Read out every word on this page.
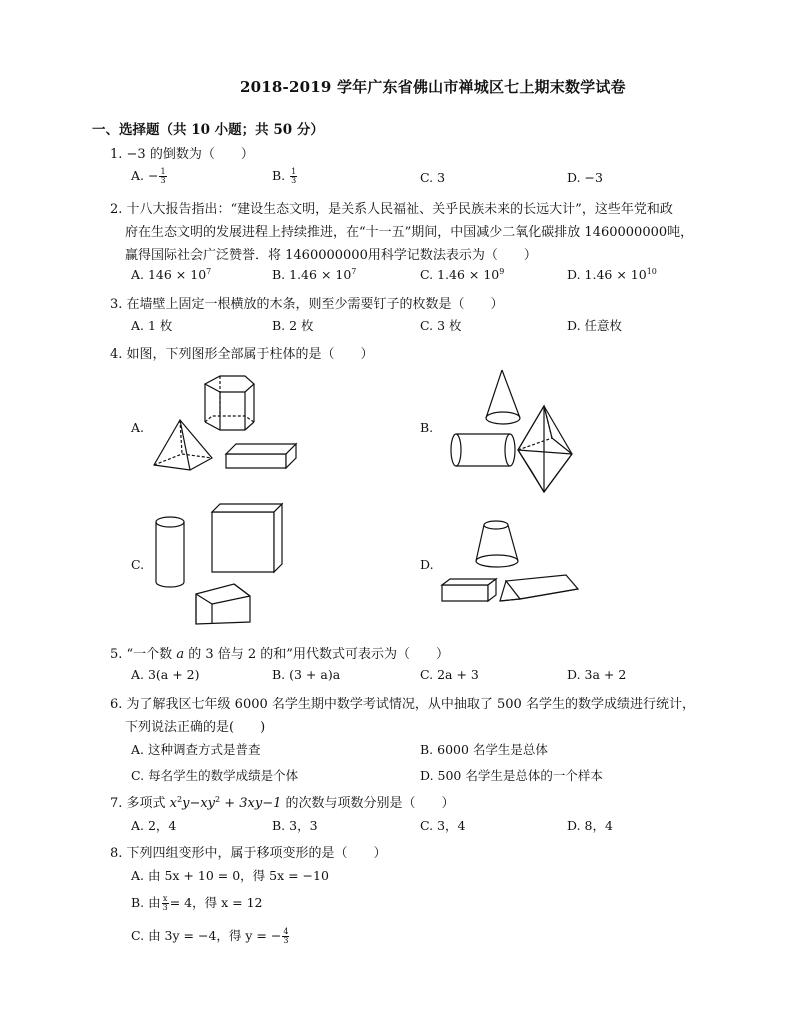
2018-2019 学年广东省佛山市禅城区七上期末数学试卷
一、选择题（共 10 小题；共 50 分）
1. −3 的倒数为（　　）
A. − $\frac{1}{3}$	B. $\frac{1}{3}$	C. 3	D. −3
2. 十八大报告指出：“建设生态文明，是关系人民福祉、关乎民族未来的长远大计”，这些年党和政
府在生态文明的发展进程上持续推进，在“十一五”期间，中国减少二氧化碳排放 1460000000吨，
赢得国际社会广泛赞誉．将 1460000000用科学记数法表示为（　　）
A. $146 \times 10^7$	B. $1.46 \times 10^7$	C. $1.46 \times 10^9$	D. $1.46 \times 10^{10}$
3. 在墙壁上固定一根横放的木条，则至少需要钉子的枚数是（　　）
A. 1 枚	B. 2 枚	C. 3 枚	D. 任意枚
4. 如图，下列图形全部属于柱体的是（　　）
A.	B.
C.	D.
5. “一个数 a 的 3 倍与 2 的和”用代数式可表示为（　　）
A. 3(a + 2)	B. (3 + a)a	C. 2a + 3	D. 3a + 2
6. 为了解我区七年级 6000 名学生期中数学考试情况，从中抽取了 500 名学生的数学成绩进行统计，
下列说法正确的是(　　)
A. 这种调查方式是普查	B. 6000 名学生是总体
C. 每名学生的数学成绩是个体	D. 500 名学生是总体的一个样本
7. 多项式 $x^2y-xy^2 + 3xy-1$ 的次数与项数分别是（　　）
A. 2，4	B. 3，3	C. 3，4	D. 8，4
8. 下列四组变形中，属于移项变形的是（　　）
A. 由 5x + 10 = 0，得 5x = −10
B. 由 $\frac{x}{3} = 4$，得 x = 12
C. 由 3y = −4，得 y = − $\frac{4}{3}$
